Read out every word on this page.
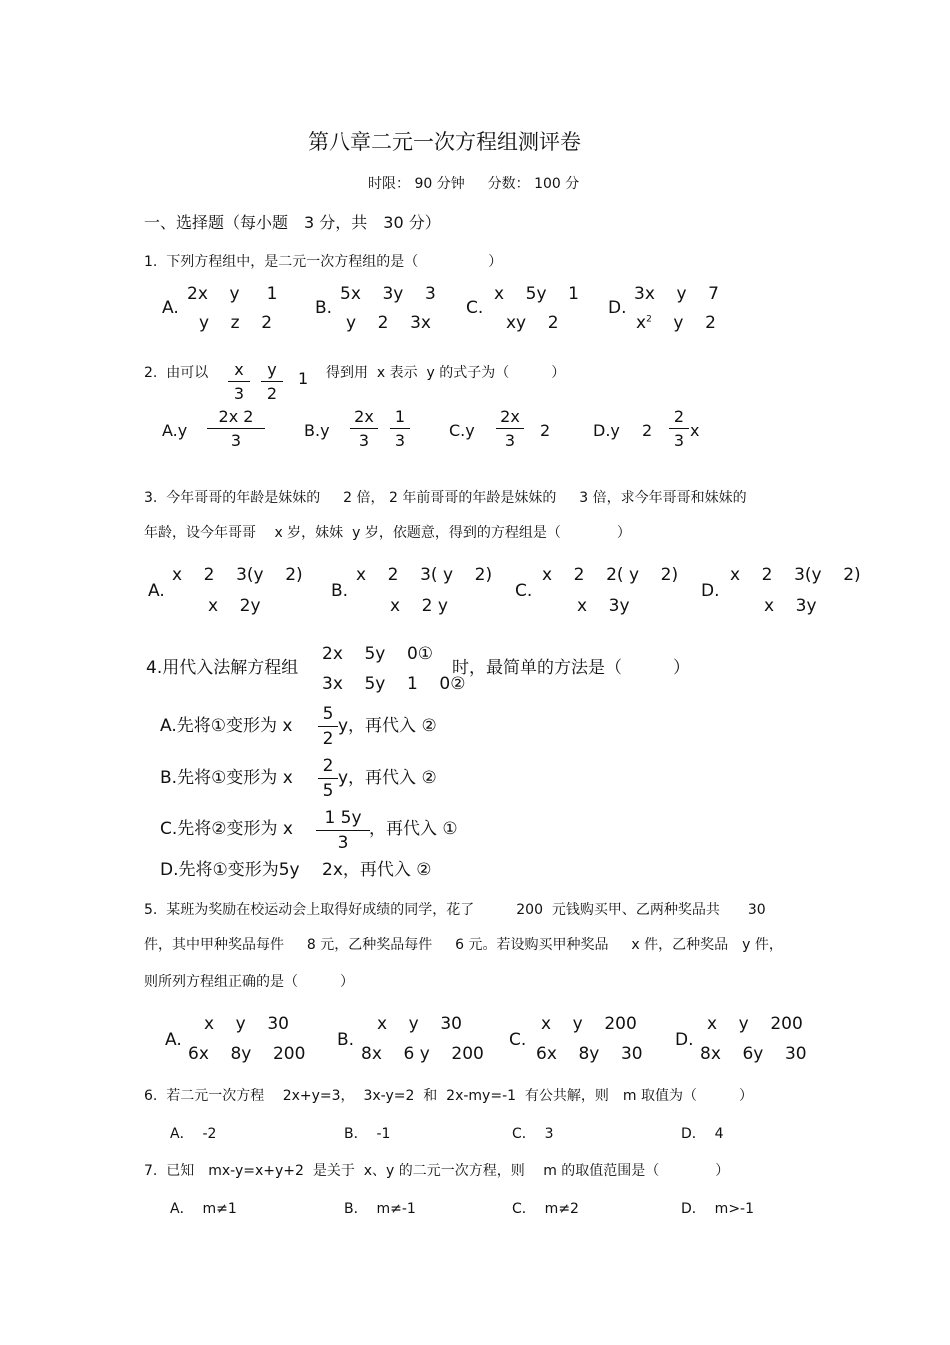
第八章二元一次方程组测评卷
时限： 90 分钟　  分数： 100 分
一、选择题（每小题　3 分，共　30 分）
1.  下列方程组中，是二元一次方程组的是（　　　　　）
A.
2x    y     1
y    z    2
B.
5x    3y    3
y    2    3x
C.
x    5y    1
xy    2
D.
3x    y    7
$x^2$ y    2
2.  由可以 $\frac{x}{3} \frac{y}{2} 1$ 得到用  x 表示  y 的式子为（　　　）
$A.y \frac{2x 2}{3} B.y \frac{2x}{3} \frac{1}{3} C.y \frac{2x}{3} 2$	D.y $2 \frac{2}{3}$ x
3.  今年哥哥的年龄是妹妹的　  2 倍， 2 年前哥哥的年龄是妹妹的　  3 倍，求今年哥哥和妹妹的
年龄，设今年哥哥　 x 岁，妹妹  y 岁，依题意，得到的方程组是（　　　　）
A.
x    2    3(y    2)
x    2y
B.
x    2    3( y    2)
x    2 y
C.
x    2    2( y    2)
x    3y
D.
x    2    3(y    2)
x    3y
4.用代入法解方程组
2x    5y    0①
3x    5y    1    0②
时，最简单的方法是（　　　）
A.先将①变形为 x $\frac{5}{2}$ y，再代入 ②
B.先将①变形为 x $\frac{2}{5}$ y，再代入 ②
C.先将②变形为 x $\frac{1 5y}{3}$ ，再代入 ①
D.先将①变形为5y　 2x，再代入 ②
5.  某班为奖励在校运动会上取得好成绩的同学，花了　　　200  元钱购买甲、乙两种奖品共　　30
件，其中甲种奖品每件　  8 元，乙种奖品每件　  6 元。若设购买甲种奖品　  x 件，乙种奖品　y 件，
则所列方程组正确的是（　　　）
A.
x    y    30
6x    8y    200
B.
x    y    30
8x    6 y    200
C.
x    y    200
6x    8y    30
D.
x    y    200
8x    6y    30
6.  若二元一次方程　 2x+y=3，  3x-y=2  和  2x-my=-1  有公共解，则　m 取值为（　　　）
A．  -2	B．  -1	C．  3	D．  4
7.  已知　mx-y=x+y+2  是关于  x、y 的二元一次方程，则　 m 的取值范围是（　　　　）
A．  m≠1	B．  m≠-1	C．  m≠2	D．  m>-1
